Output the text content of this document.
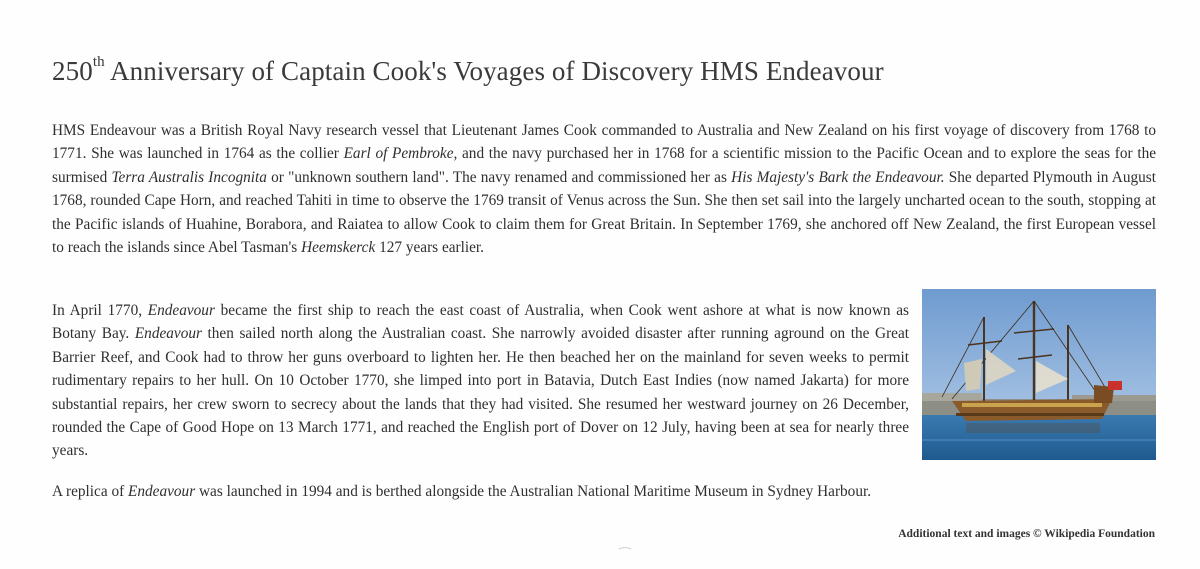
250th Anniversary of Captain Cook's Voyages of Discovery HMS Endeavour

HMS Endeavour was a British Royal Navy research vessel that Lieutenant James Cook commanded to Australia and New Zealand on his first voyage of discovery from 1768 to 1771. She was launched in 1764 as the collier Earl of Pembroke, and the navy purchased her in 1768 for a scientific mission to the Pacific Ocean and to explore the seas for the surmised Terra Australis Incognita or "unknown southern land". The navy renamed and commissioned her as His Majesty's Bark the Endeavour. She departed Plymouth in August 1768, rounded Cape Horn, and reached Tahiti in time to observe the 1769 transit of Venus across the Sun. She then set sail into the largely uncharted ocean to the south, stopping at the Pacific islands of Huahine, Borabora, and Raiatea to allow Cook to claim them for Great Britain. In September 1769, she anchored off New Zealand, the first European vessel to reach the islands since Abel Tasman's Heemskerck 127 years earlier.

In April 1770, Endeavour became the first ship to reach the east coast of Australia, when Cook went ashore at what is now known as Botany Bay. Endeavour then sailed north along the Australian coast. She narrowly avoided disaster after running aground on the Great Barrier Reef, and Cook had to throw her guns overboard to lighten her. He then beached her on the mainland for seven weeks to permit rudimentary repairs to her hull. On 10 October 1770, she limped into port in Batavia, Dutch East Indies (now named Jakarta) for more substantial repairs, her crew sworn to secrecy about the lands that they had visited. She resumed her westward journey on 26 December, rounded the Cape of Good Hope on 13 March 1771, and reached the English port of Dover on 12 July, having been at sea for nearly three years.

A replica of Endeavour was launched in 1994 and is berthed alongside the Australian National Maritime Museum in Sydney Harbour.

Additional text and images © Wikipedia Foundation
